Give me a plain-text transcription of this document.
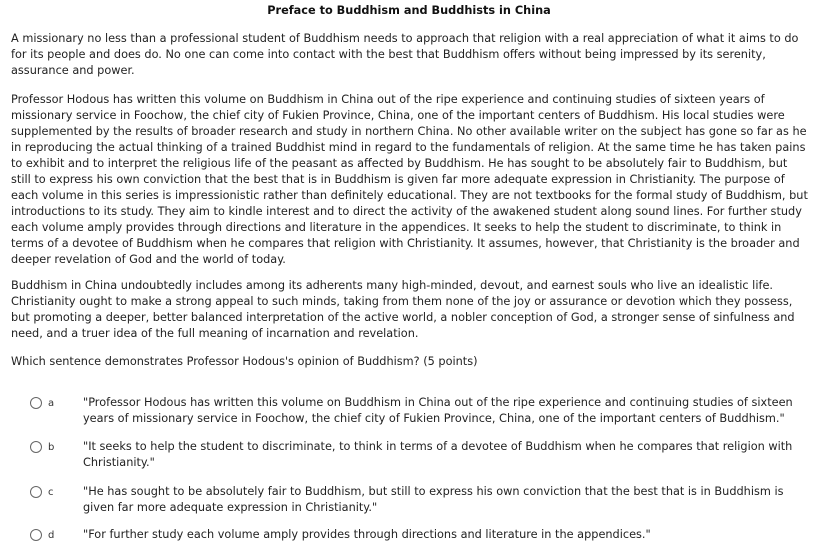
Preface to Buddhism and Buddhists in China

A missionary no less than a professional student of Buddhism needs to approach that religion with a real appreciation of what it aims to do for its people and does do. No one can come into contact with the best that Buddhism offers without being impressed by its serenity, assurance and power.

Professor Hodous has written this volume on Buddhism in China out of the ripe experience and continuing studies of sixteen years of missionary service in Foochow, the chief city of Fukien Province, China, one of the important centers of Buddhism. His local studies were supplemented by the results of broader research and study in northern China. No other available writer on the subject has gone so far as he in reproducing the actual thinking of a trained Buddhist mind in regard to the fundamentals of religion. At the same time he has taken pains to exhibit and to interpret the religious life of the peasant as affected by Buddhism. He has sought to be absolutely fair to Buddhism, but still to express his own conviction that the best that is in Buddhism is given far more adequate expression in Christianity. The purpose of each volume in this series is impressionistic rather than definitely educational. They are not textbooks for the formal study of Buddhism, but introductions to its study. They aim to kindle interest and to direct the activity of the awakened student along sound lines. For further study each volume amply provides through directions and literature in the appendices. It seeks to help the student to discriminate, to think in terms of a devotee of Buddhism when he compares that religion with Christianity. It assumes, however, that Christianity is the broader and deeper revelation of God and the world of today.

Buddhism in China undoubtedly includes among its adherents many high-minded, devout, and earnest souls who live an idealistic life. Christianity ought to make a strong appeal to such minds, taking from them none of the joy or assurance or devotion which they possess, but promoting a deeper, better balanced interpretation of the active world, a nobler conception of God, a stronger sense of sinfulness and need, and a truer idea of the full meaning of incarnation and revelation.

Which sentence demonstrates Professor Hodous's opinion of Buddhism? (5 points)
a	"Professor Hodous has written this volume on Buddhism in China out of the ripe experience and continuing studies of sixteen years of missionary service in Foochow, the chief city of Fukien Province, China, one of the important centers of Buddhism."
b	"It seeks to help the student to discriminate, to think in terms of a devotee of Buddhism when he compares that religion with Christianity."
c	"He has sought to be absolutely fair to Buddhism, but still to express his own conviction that the best that is in Buddhism is given far more adequate expression in Christianity."
d	"For further study each volume amply provides through directions and literature in the appendices."
